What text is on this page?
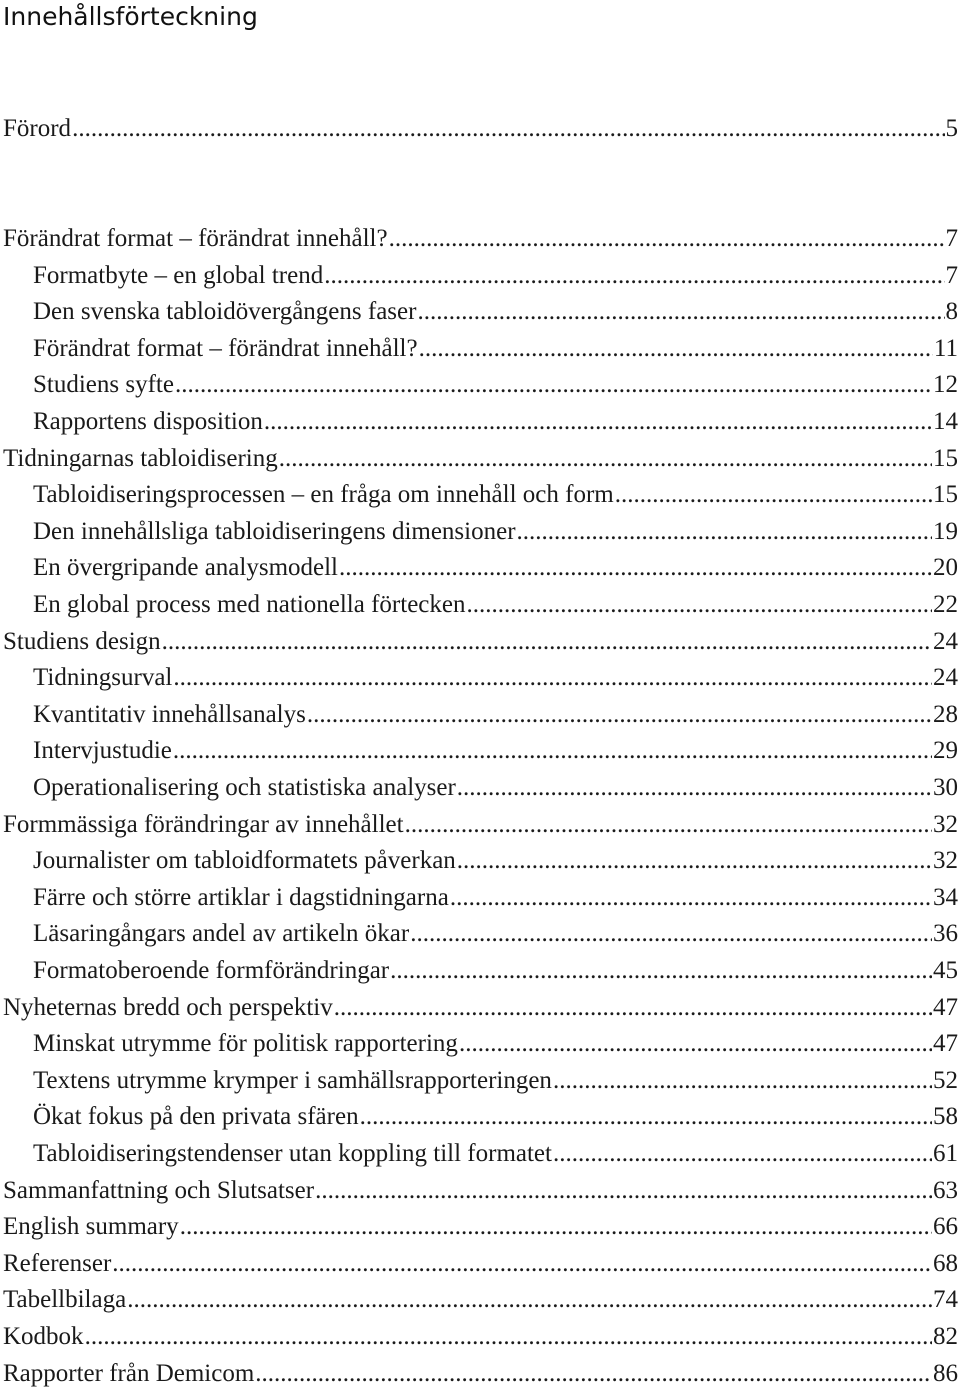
Innehållsförteckning
Förord .....	5
Förändrat format – förändrat innehåll? .....	7
Formatbyte – en global trend .....	7
Den svenska tabloidövergångens faser .....	8
Förändrat format – förändrat innehåll? .....	11
Studiens syfte .....	12
Rapportens disposition .....	14
Tidningarnas tabloidisering .....	15
Tabloidiseringsprocessen – en fråga om innehåll och form .....	15
Den innehållsliga tabloidiseringens dimensioner .....	19
En övergripande analysmodell .....	20
En global process med nationella förtecken .....	22
Studiens design .....	24
Tidningsurval .....	24
Kvantitativ innehållsanalys .....	28
Intervjustudie .....	29
Operationalisering och statistiska analyser .....	30
Formmässiga förändringar av innehållet .....	32
Journalister om tabloidformatets påverkan .....	32
Färre och större artiklar i dagstidningarna .....	34
Läsaringångars andel av artikeln ökar .....	36
Formatoberoende formförändringar .....	45
Nyheternas bredd och perspektiv .....	47
Minskat utrymme för politisk rapportering .....	47
Textens utrymme krymper i samhällsrapporteringen .....	52
Ökat fokus på den privata sfären .....	58
Tabloidiseringstendenser utan koppling till formatet .....	61
Sammanfattning och Slutsatser .....	63
English summary .....	66
Referenser .....	68
Tabellbilaga .....	74
Kodbok .....	82
Rapporter från Demicom .....	86
